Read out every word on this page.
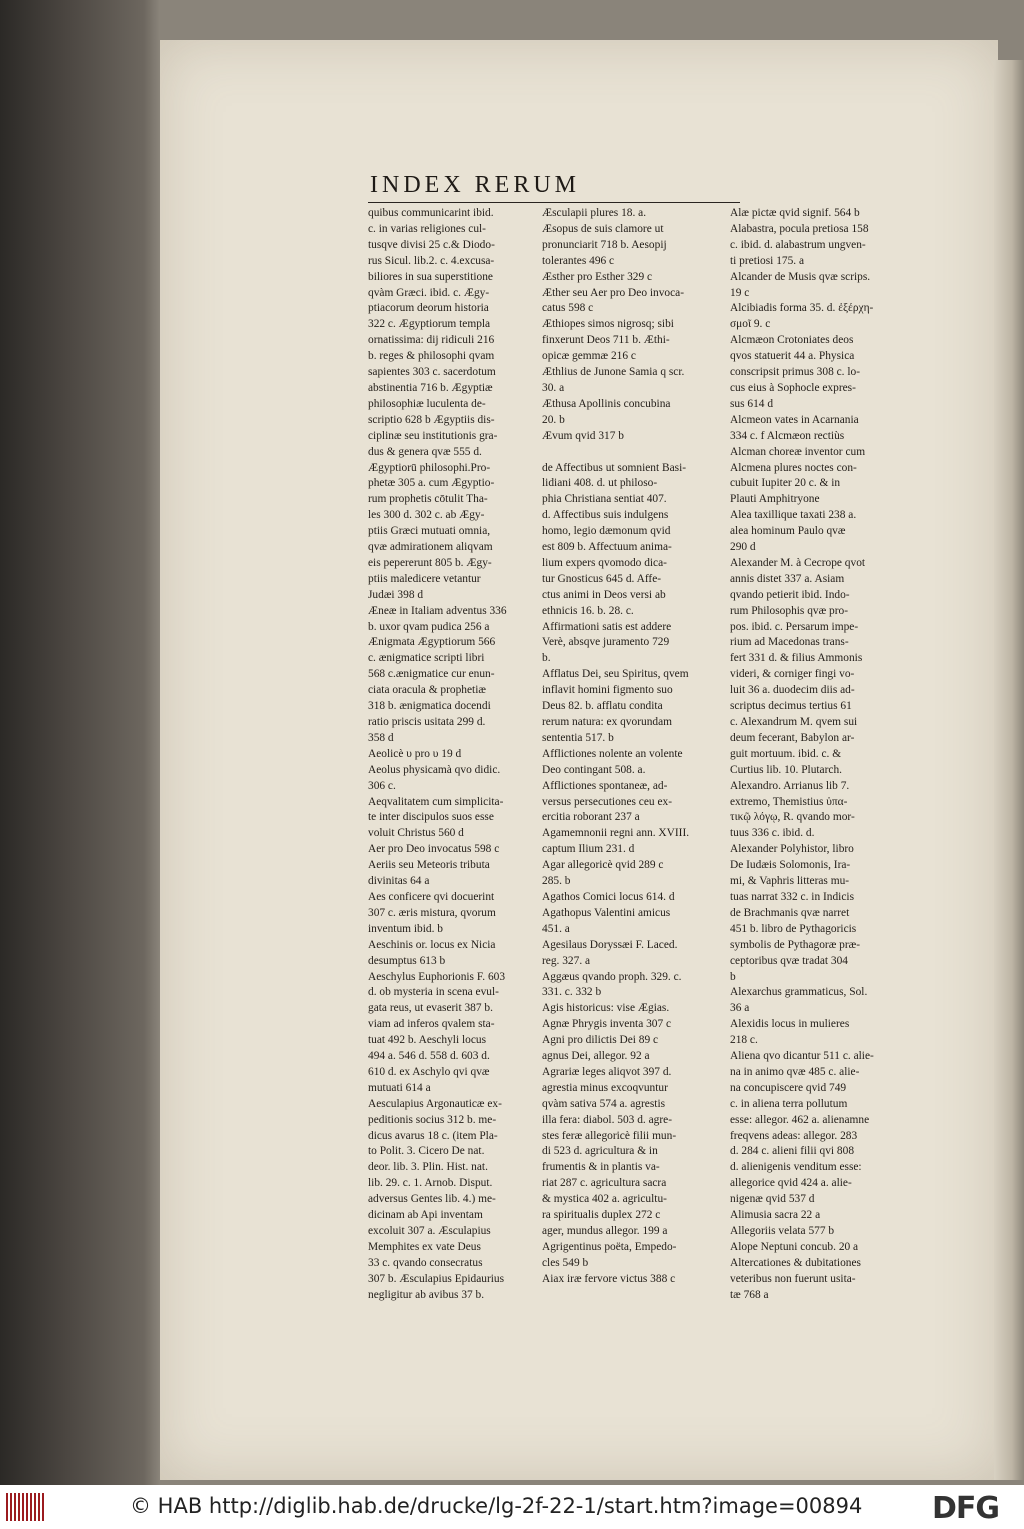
INDEX RERUM
quibus communicarint ibid.
c. in varias religiones cul-
tusqve divisi 25 c.& Diodo-
rus Sicul. lib.2. c. 4.excusa-
biliores in sua superstitione
qvàm Græci. ibid. c. Ægy-
ptiacorum deorum historia
322 c. Ægyptiorum templa
ornatissima: dij ridiculi 216
b. reges & philosophi qvam
sapientes 303 c. sacerdotum
abstinentia 716 b. Ægyptiæ
philosophiæ luculenta de-
scriptio 628 b Ægyptiis dis-
ciplinæ seu institutionis gra-
dus & genera qvæ 555 d.
Ægyptiorū philosophi.Pro-
phetæ 305 a. cum Ægyptio-
rum prophetis cōtulit Tha-
les 300 d. 302 c. ab Ægy-
ptiis Græci mutuati omnia,
qvæ admirationem aliqvam
eis pepererunt 805 b. Ægy-
ptiis maledicere vetantur
Judæi 398 d
Æneæ in Italiam adventus 336
b. uxor qvam pudica 256 a
Ænigmata Ægyptiorum 566
c. ænigmatice scripti libri
568 c.ænigmatice cur enun-
ciata oracula & prophetiæ
318 b. ænigmatica docendi
ratio priscis usitata 299 d.
358 d
Aeolicè υ pro υ 19 d
Aeolus physicamà qvo didic.
306 c.
Aeqvalitatem cum simplicita-
te inter discipulos suos esse
voluit Christus 560 d
Aer pro Deo invocatus 598 c
Aeriis seu Meteoris tributa
divinitas 64 a
Aes conficere qvi docuerint
307 c. æris mistura, qvorum
inventum ibid. b
Aeschinis or. locus ex Nicia
desumptus 613 b
Aeschylus Euphorionis F. 603
d. ob mysteria in scena evul-
gata reus, ut evaserit 387 b.
viam ad inferos qvalem sta-
tuat 492 b. Aeschyli locus
494 a. 546 d. 558 d. 603 d.
610 d. ex Aschylo qvi qvæ
mutuati 614 a
Aesculapius Argonauticæ ex-
peditionis socius 312 b. me-
dicus avarus 18 c. (item Pla-
to Polit. 3. Cicero De nat.
deor. lib. 3. Plin. Hist. nat.
lib. 29. c. 1. Arnob. Disput.
adversus Gentes lib. 4.) me-
dicinam ab Api inventam
excoluit 307 a. Æsculapius
Memphites ex vate Deus
33 c. qvando consecratus
307 b. Æsculapius Epidaurius
negligitur ab avibus 37 b.
Æsculapii plures 18. a.
Æsopus de suis clamore ut
pronunciarit 718 b. Aesopij
tolerantes 496 c
Æsther pro Esther 329 c
Æther seu Aer pro Deo invoca-
catus 598 c
Æthiopes simos nigrosq; sibi
finxerunt Deos 711 b. Æthi-
opicæ gemmæ 216 c
Æthlius de Junone Samia q scr.
30. a
Æthusa Apollinis concubina
20. b
Ævum qvid 317 b

de Affectibus ut somnient Basi-
lidiani 408. d. ut philoso-
phia Christiana sentiat 407.
d. Affectibus suis indulgens
homo, legio dæmonum qvid
est 809 b. Affectuum anima-
lium expers qvomodo dica-
tur Gnosticus 645 d. Affe-
ctus animi in Deos versi ab
ethnicis 16. b. 28. c.
Affirmationi satis est addere
Verè, absqve juramento 729
b.
Afflatus Dei, seu Spiritus, qvem
inflavit homini figmento suo
Deus 82. b. afflatu condita
rerum natura: ex qvorundam
sententia 517. b
Afflictiones nolente an volente
Deo contingant 508. a.
Afflictiones spontaneæ, ad-
versus persecutiones ceu ex-
ercitia roborant 237 a
Agamemnonii regni ann. XVIII.
captum Ilium 231. d
Agar allegoricè qvid 289 c
285. b
Agathos Comici locus 614. d
Agathopus Valentini amicus
451. a
Agesilaus Doryssæi F. Laced.
reg. 327. a
Aggæus qvando proph. 329. c.
331. c. 332 b
Agis historicus: vise Ægias.
Agnæ Phrygis inventa 307 c
Agni pro dilictis Dei 89 c
agnus Dei, allegor. 92 a
Agrariæ leges aliqvot 397 d.
agrestia minus excoqvuntur
qvàm sativa 574 a. agrestis
illa fera: diabol. 503 d. agre-
stes feræ allegoricè filii mun-
di 523 d. agricultura & in
frumentis & in plantis va-
riat 287 c. agricultura sacra
& mystica 402 a. agricultu-
ra spiritualis duplex 272 c
ager, mundus allegor. 199 a
Agrigentinus poëta, Empedo-
cles 549 b
Aiax iræ fervore victus 388 c
Alæ pictæ qvid signif. 564 b
Alabastra, pocula pretiosa 158
c. ibid. d. alabastrum ungven-
ti pretiosi 175. a
Alcander de Musis qvæ scrips.
19 c
Alcibiadis forma 35. d. ἐξέρχη-
σμοῖ 9. c
Alcmæon Crotoniates deos
qvos statuerit 44 a. Physica
conscripsit primus 308 c. lo-
cus eius à Sophocle expres-
sus 614 d
Alcmeon vates in Acarnania
334 c. f Alcmæon rectiùs
Alcman choreæ inventor cum
Alcmena plures noctes con-
cubuit Iupiter 20 c. & in
Plauti Amphitryone
Alea taxillique taxati 238 a.
alea hominum Paulo qvæ
290 d
Alexander M. à Cecrope qvot
annis distet 337 a. Asiam
qvando petierit ibid. Indo-
rum Philosophis qvæ pro-
pos. ibid. c. Persarum impe-
rium ad Macedonas trans-
fert 331 d. & filius Ammonis
videri, & corniger fingi vo-
luit 36 a. duodecim diis ad-
scriptus decimus tertius 61
c. Alexandrum M. qvem sui
deum fecerant, Babylon ar-
guit mortuum. ibid. c. &
Curtius lib. 10. Plutarch.
Alexandro. Arrianus lib 7.
extremo, Themistius ὑπα-
τικῷ λόγῳ, R. qvando mor-
tuus 336 c. ibid. d.
Alexander Polyhistor, libro
De Iudæis Solomonis, Ira-
mi, & Vaphris litteras mu-
tuas narrat 332 c. in Indicis
de Brachmanis qvæ narret
451 b. libro de Pythagoricis
symbolis de Pythagoræ præ-
ceptoribus qvæ tradat 304
b
Alexarchus grammaticus, Sol.
36 a
Alexidis locus in mulieres
218 c.
Aliena qvo dicantur 511 c. alie-
na in animo qvæ 485 c. alie-
na concupiscere qvid 749
c. in aliena terra pollutum
esse: allegor. 462 a. alienamne
freqvens adeas: allegor. 283
d. 284 c. alieni filii qvi 808
d. alienigenis venditum esse:
allegorice qvid 424 a. alie-
nigenæ qvid 537 d
Alimusia sacra 22 a
Allegoriis velata 577 b
Alope Neptuni concub. 20 a
Altercationes & dubitationes
veteribus non fuerunt usita-
tæ 768 a
© HAB http://diglib.hab.de/drucke/lg-2f-22-1/start.htm?image=00894 DFG
